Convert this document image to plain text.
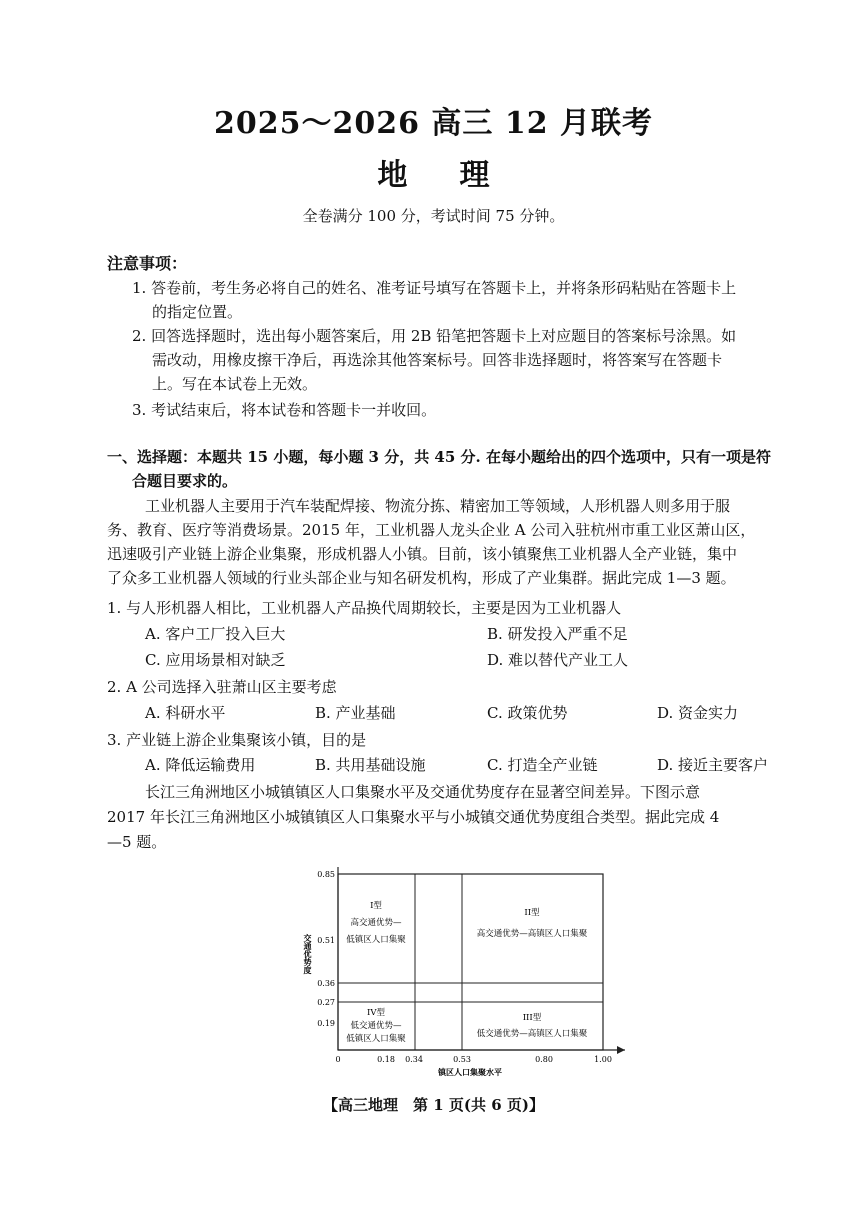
2025～2026 高三 12 月联考
地 理
全卷满分 100 分，考试时间 75 分钟。
注意事项：
1. 答卷前，考生务必将自己的姓名、准考证号填写在答题卡上，并将条形码粘贴在答题卡上
的指定位置。
2. 回答选择题时，选出每小题答案后，用 2B 铅笔把答题卡上对应题目的答案标号涂黑。如
需改动，用橡皮擦干净后，再选涂其他答案标号。回答非选择题时，将答案写在答题卡
上。写在本试卷上无效。
3. 考试结束后，将本试卷和答题卡一并收回。
一、选择题：本题共 15 小题，每小题 3 分，共 45 分. 在每小题给出的四个选项中，只有一项是符
合题目要求的。
工业机器人主要用于汽车装配焊接、物流分拣、精密加工等领域，人形机器人则多用于服
务、教育、医疗等消费场景。2015 年，工业机器人龙头企业 A 公司入驻杭州市重工业区萧山区，
迅速吸引产业链上游企业集聚，形成机器人小镇。目前，该小镇聚焦工业机器人全产业链，集中
了众多工业机器人领域的行业头部企业与知名研发机构，形成了产业集群。据此完成 1—3 题。
1. 与人形机器人相比，工业机器人产品换代周期较长，主要是因为工业机器人
A. 客户工厂投入巨大	B. 研发投入严重不足
C. 应用场景相对缺乏	D. 难以替代产业工人
2. A 公司选择入驻萧山区主要考虑
A. 科研水平	B. 产业基础	C. 政策优势	D. 资金实力
3. 产业链上游企业集聚该小镇，目的是
A. 降低运输费用	B. 共用基础设施	C. 打造全产业链	D. 接近主要客户
长江三角洲地区小城镇镇区人口集聚水平及交通优势度存在显著空间差异。下图示意
2017 年长江三角洲地区小城镇镇区人口集聚水平与小城镇交通优势度组合类型。据此完成 4
—5 题。
0.85
0.51
0.36
0.27
0.19
0	0.18 0.34	0.53	0.80	1.00
镇区人口集聚水平
交通优势度
I型
高交通优势—
低镇区人口集聚
II型
高交通优势—高镇区人口集聚
III型
低交通优势—高镇区人口集聚
IV型
低交通优势—
低镇区人口集聚
【高三地理　第 1 页(共 6 页)】
